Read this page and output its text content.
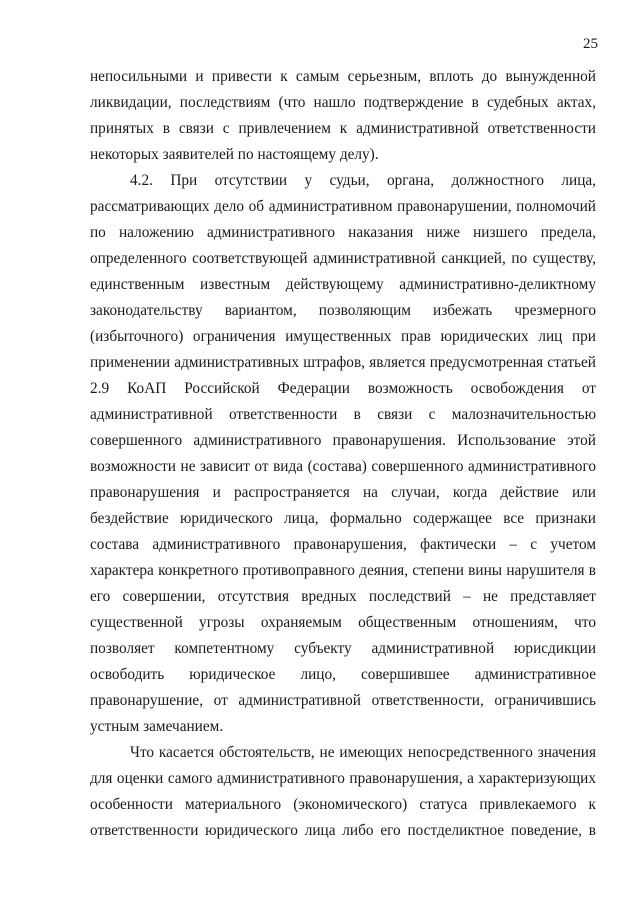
25
непосильными и привести к самым серьезным, вплоть до вынужденной
ликвидации, последствиям (что нашло подтверждение в судебных актах,
принятых в связи с привлечением к административной ответственности
некоторых заявителей по настоящему делу).
4.2. При отсутствии у судьи, органа, должностного лица,
рассматривающих дело об административном правонарушении, полномочий
по наложению административного наказания ниже низшего предела,
определенного соответствующей административной санкцией, по существу,
единственным известным действующему административно-деликтному
законодательству вариантом, позволяющим избежать чрезмерного
(избыточного) ограничения имущественных прав юридических лиц при
применении административных штрафов, является предусмотренная статьей
2.9 КоАП Российской Федерации возможность освобождения от
административной ответственности в связи с малозначительностью
совершенного административного правонарушения. Использование этой
возможности не зависит от вида (состава) совершенного административного
правонарушения и распространяется на случаи, когда действие или
бездействие юридического лица, формально содержащее все признаки
состава административного правонарушения, фактически – с учетом
характера конкретного противоправного деяния, степени вины нарушителя в
его совершении, отсутствия вредных последствий – не представляет
существенной угрозы охраняемым общественным отношениям, что
позволяет компетентному субъекту административной юрисдикции
освободить юридическое лицо, совершившее административное
правонарушение, от административной ответственности, ограничившись
устным замечанием.
Что касается обстоятельств, не имеющих непосредственного значения
для оценки самого административного правонарушения, а характеризующих
особенности материального (экономического) статуса привлекаемого к
ответственности юридического лица либо его постделиктное поведение, в
